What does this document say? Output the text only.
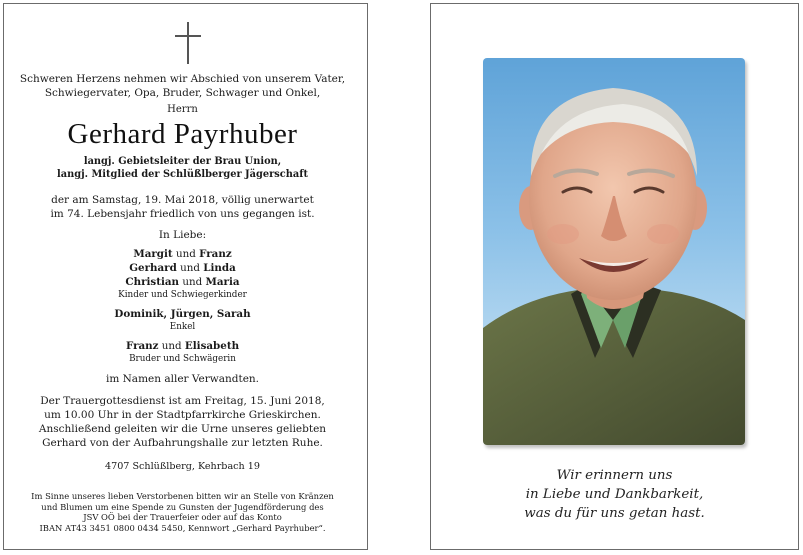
Schweren Herzens nehmen wir Abschied von unserem Vater,
Schwiegervater, Opa, Bruder, Schwager und Onkel,
Herrn
Gerhard Payrhuber
langj. Gebietsleiter der Brau Union,
langj. Mitglied der Schlüßlberger Jägerschaft
der am Samstag, 19. Mai 2018, völlig unerwartet
im 74. Lebensjahr friedlich von uns gegangen ist.
In Liebe:
Margit und Franz
Gerhard und Linda
Christian und Maria
Kinder und Schwiegerkinder
Dominik, Jürgen, Sarah
Enkel
Franz und Elisabeth
Bruder und Schwägerin
im Namen aller Verwandten.
Der Trauergottesdienst ist am Freitag, 15. Juni 2018,
um 10.00 Uhr in der Stadtpfarrkirche Grieskirchen.
Anschließend geleiten wir die Urne unseres geliebten
Gerhard von der Aufbahrungshalle zur letzten Ruhe.
4707 Schlüßlberg, Kehrbach 19
Im Sinne unseres lieben Verstorbenen bitten wir an Stelle von Kränzen
und Blumen um eine Spende zu Gunsten der Jugendförderung des
JSV OÖ bei der Trauerfeier oder auf das Konto
IBAN AT43 3451 0800 0434 5450, Kennwort „Gerhard Payrhuber“.
Wir erinnern uns
in Liebe und Dankbarkeit,
was du für uns getan hast.
